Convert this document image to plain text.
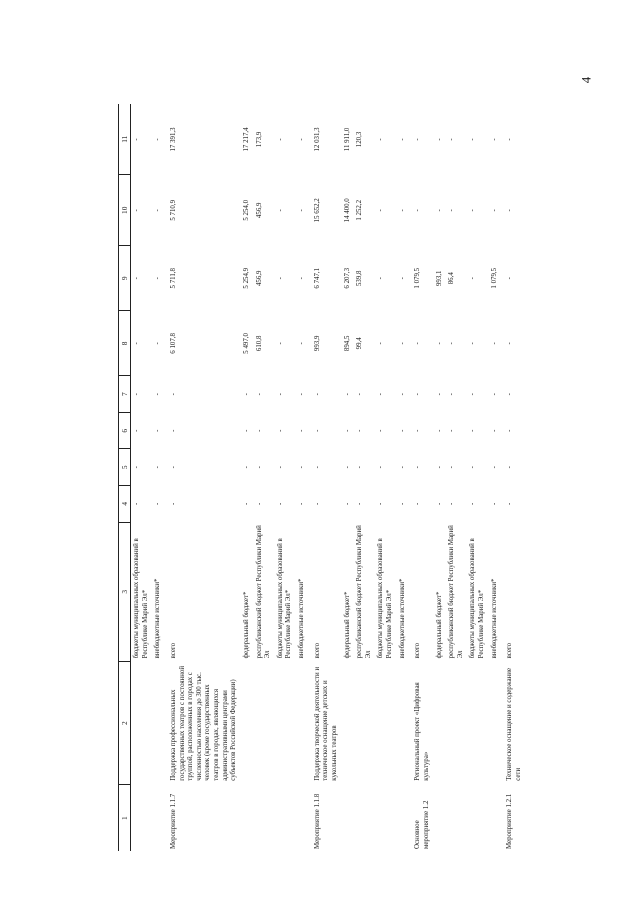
4
1	2	3	4	5	6	7	8	9	10	11
		бюджеты муниципальных образований в Республике Марий Эл*	-	-	-	-	-	-	-	-
		внебюджетные источники*	-	-	-	-	-	-	-	-
Мероприятие 1.1.7	Поддержка профессиональных государственных театров с постоянной труппой, расположенных в городах с численностью населения до 300 тыс. человек (кроме государственных театров в городах, являющихся административными центрами субъектов Российской Федерации)	всего	-	-	-	-	6 107,8	5 711,8	5 710,9	17 391,3
		федеральный бюджет*	-	-	-	-	5 497,0	5 254,9	5 254,0	17 217,4
		республиканский бюджет Республики Марий Эл	-	-	-	-	610,8	456,9	456,9	173,9
		бюджеты муниципальных образований в Республике Марий Эл*	-	-	-	-	-	-	-	-
		внебюджетные источники*	-	-	-	-	-	-	-	-
Мероприятие 1.1.8	Поддержка творческой деятельности и техническое оснащение детских и кукольных театров	всего	-	-	-	-	993,9	6 747,1	15 652,2	12 031,3
		федеральный бюджет*	-	-	-	-	894,5	6 207,3	14 400,0	11 911,0
		республиканский бюджет Республики Марий Эл	-	-	-	-	99,4	539,8	1 252,2	120,3
		бюджеты муниципальных образований в Республике Марий Эл*	-	-	-	-	-	-	-	-
		внебюджетные источники*	-	-	-	-	-	-	-	-
Основное мероприятие 1.2	Региональный проект «Цифровая культура»	всего	-	-	-	-	-	1 079,5	-	-
		федеральный бюджет*	-	-	-	-	-	993,1	-	-
		республиканский бюджет Республики Марий Эл	-	-	-	-	-	86,4	-	-
		бюджеты муниципальных образований в Республике Марий Эл*	-	-	-	-	-	-	-	-
		внебюджетные источники*	-	-	-	-	-	1 079,5	-	-
Мероприятие 1.2.1	Техническое оснащение и содержание сети	всего	-	-	-	-	-	-	-	-
